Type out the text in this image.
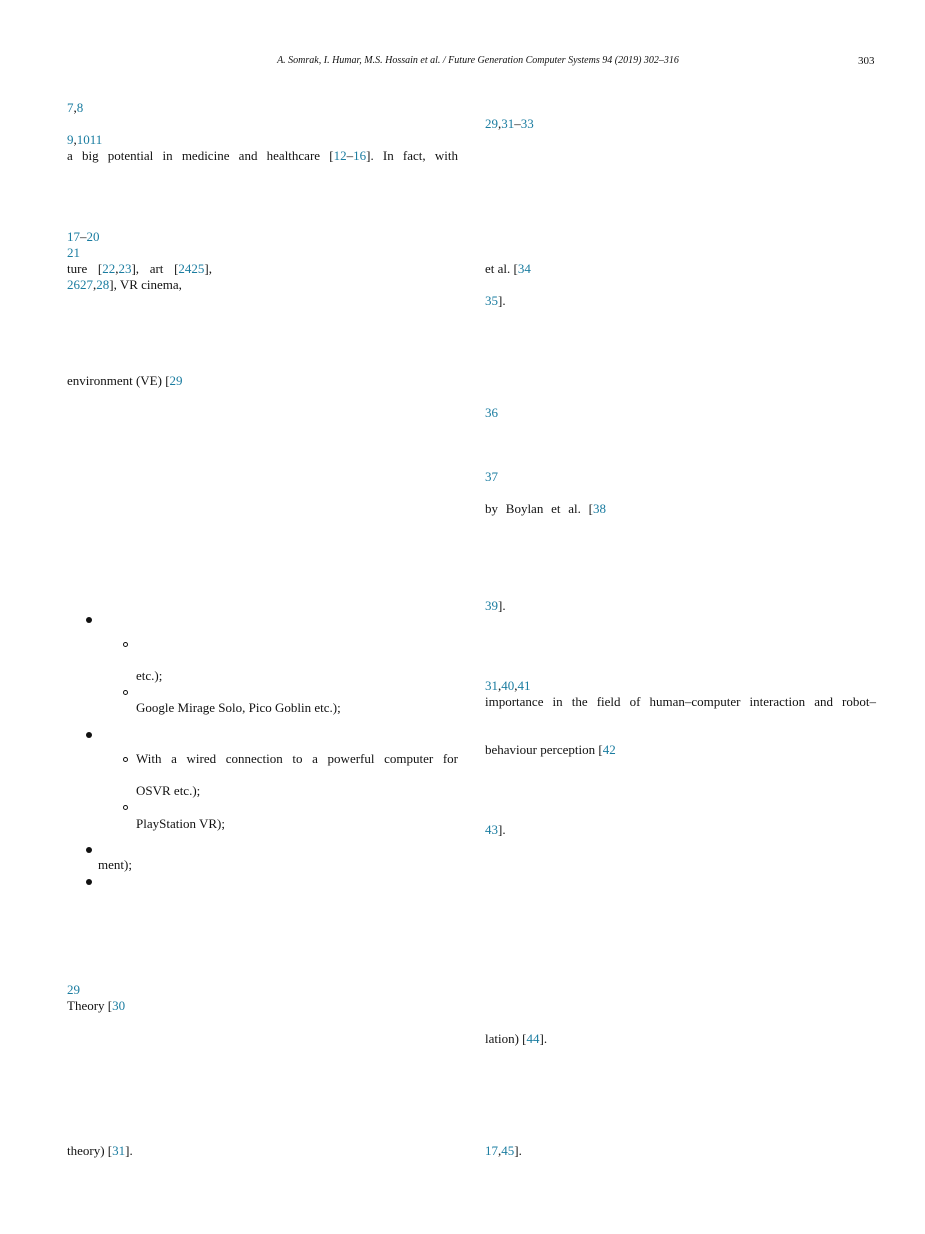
A. Somrak, I. Humar, M.S. Hossain et al. / Future Generation Computer Systems 94 (2019) 302–316	303
7,8
9,1011
a big potential in medicine and healthcare [12–16]. In fact, with
17–20
21
ture [22,23], art [2425],
2627,28], VR cinema,
environment (VE) [29
etc.);
Google Mirage Solo, Pico Goblin etc.);
With a wired connection to a powerful computer for
OSVR etc.);
PlayStation VR);
ment);
29
Theory [30
theory) [31].
29,31–33
et al. [34
35].
36
37
by Boylan et al. [38
39].
31,40,41
importance in the field of human–computer interaction and robot–
behaviour perception [42
43].
lation) [44].
17,45].
